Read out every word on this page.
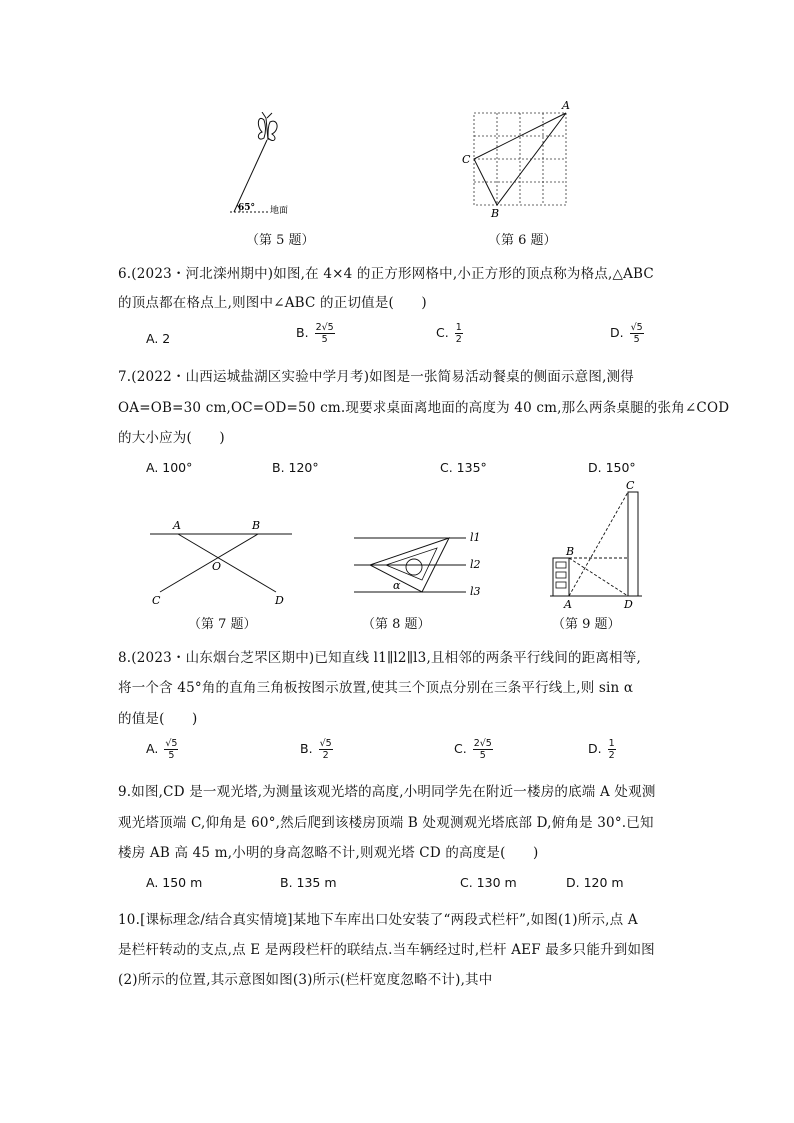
65° 地面
（第 5 题）
A
B
C
（第 6 题）
6.(2023・河北滦州期中)如图,在 4×4 的正方形网格中,小正方形的顶点称为格点,△ABC
的顶点都在格点上,则图中∠ABC 的正切值是(　　)
A. 2	B. $\frac{2√5}{5}$	C. $\frac{1}{2}$	D. $\frac{√5}{5}$
7.(2022・山西运城盐湖区实验中学月考)如图是一张简易活动餐桌的侧面示意图,测得
OA=OB=30 cm,OC=OD=50 cm.现要求桌面离地面的高度为 40 cm,那么两条桌腿的张角∠COD
的大小应为(　　)
A. 100°	B. 120°	C. 135°	D. 150°
A	B
O
C	D
（第 7 题）
l1
l2
l3
α
（第 8 题）
A
B
C
D
（第 9 题）
8.(2023・山东烟台芝罘区期中)已知直线 l1∥l2∥l3,且相邻的两条平行线间的距离相等,
将一个含 45°角的直角三角板按图示放置,使其三个顶点分别在三条平行线上,则 sin α
的值是(　　)
A. $\frac{√5}{5}$	B. $\frac{√5}{2}$	C. $\frac{2√5}{5}$	D. $\frac{1}{2}$
9.如图,CD 是一观光塔,为测量该观光塔的高度,小明同学先在附近一楼房的底端 A 处观测
观光塔顶端 C,仰角是 60°,然后爬到该楼房顶端 B 处观测观光塔底部 D,俯角是 30°.已知
楼房 AB 高 45 m,小明的身高忽略不计,则观光塔 CD 的高度是(　　)
A. 150 m	B. 135 m	C. 130 m	D. 120 m
10.[课标理念/结合真实情境]某地下车库出口处安装了“两段式栏杆”,如图(1)所示,点 A
是栏杆转动的支点,点 E 是两段栏杆的联结点.当车辆经过时,栏杆 AEF 最多只能升到如图
(2)所示的位置,其示意图如图(3)所示(栏杆宽度忽略不计),其中
